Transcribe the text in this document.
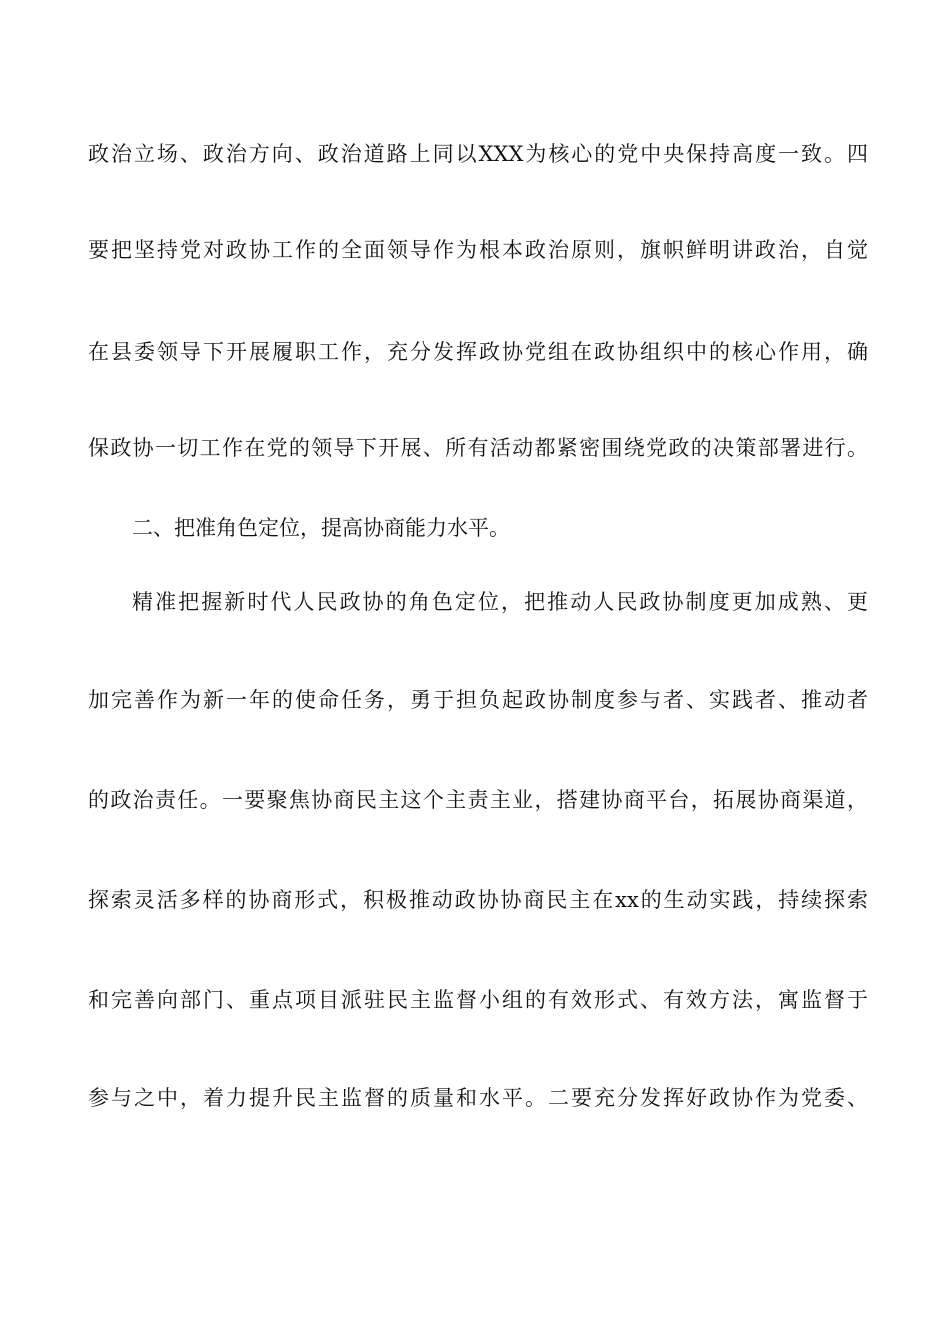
政治立场、政治方向、政治道路上同以XXX为核心的党中央保持高度一致。四
要把坚持党对政协工作的全面领导作为根本政治原则，旗帜鲜明讲政治，自觉
在县委领导下开展履职工作，充分发挥政协党组在政协组织中的核心作用，确
保政协一切工作在党的领导下开展、所有活动都紧密围绕党政的决策部署进行。
二、把准角色定位，提高协商能力水平。
精准把握新时代人民政协的角色定位，把推动人民政协制度更加成熟、更
加完善作为新一年的使命任务，勇于担负起政协制度参与者、实践者、推动者
的政治责任。一要聚焦协商民主这个主责主业，搭建协商平台，拓展协商渠道，
探索灵活多样的协商形式，积极推动政协协商民主在xx的生动实践，持续探索
和完善向部门、重点项目派驻民主监督小组的有效形式、有效方法，寓监督于
参与之中，着力提升民主监督的质量和水平。二要充分发挥好政协作为党委、
